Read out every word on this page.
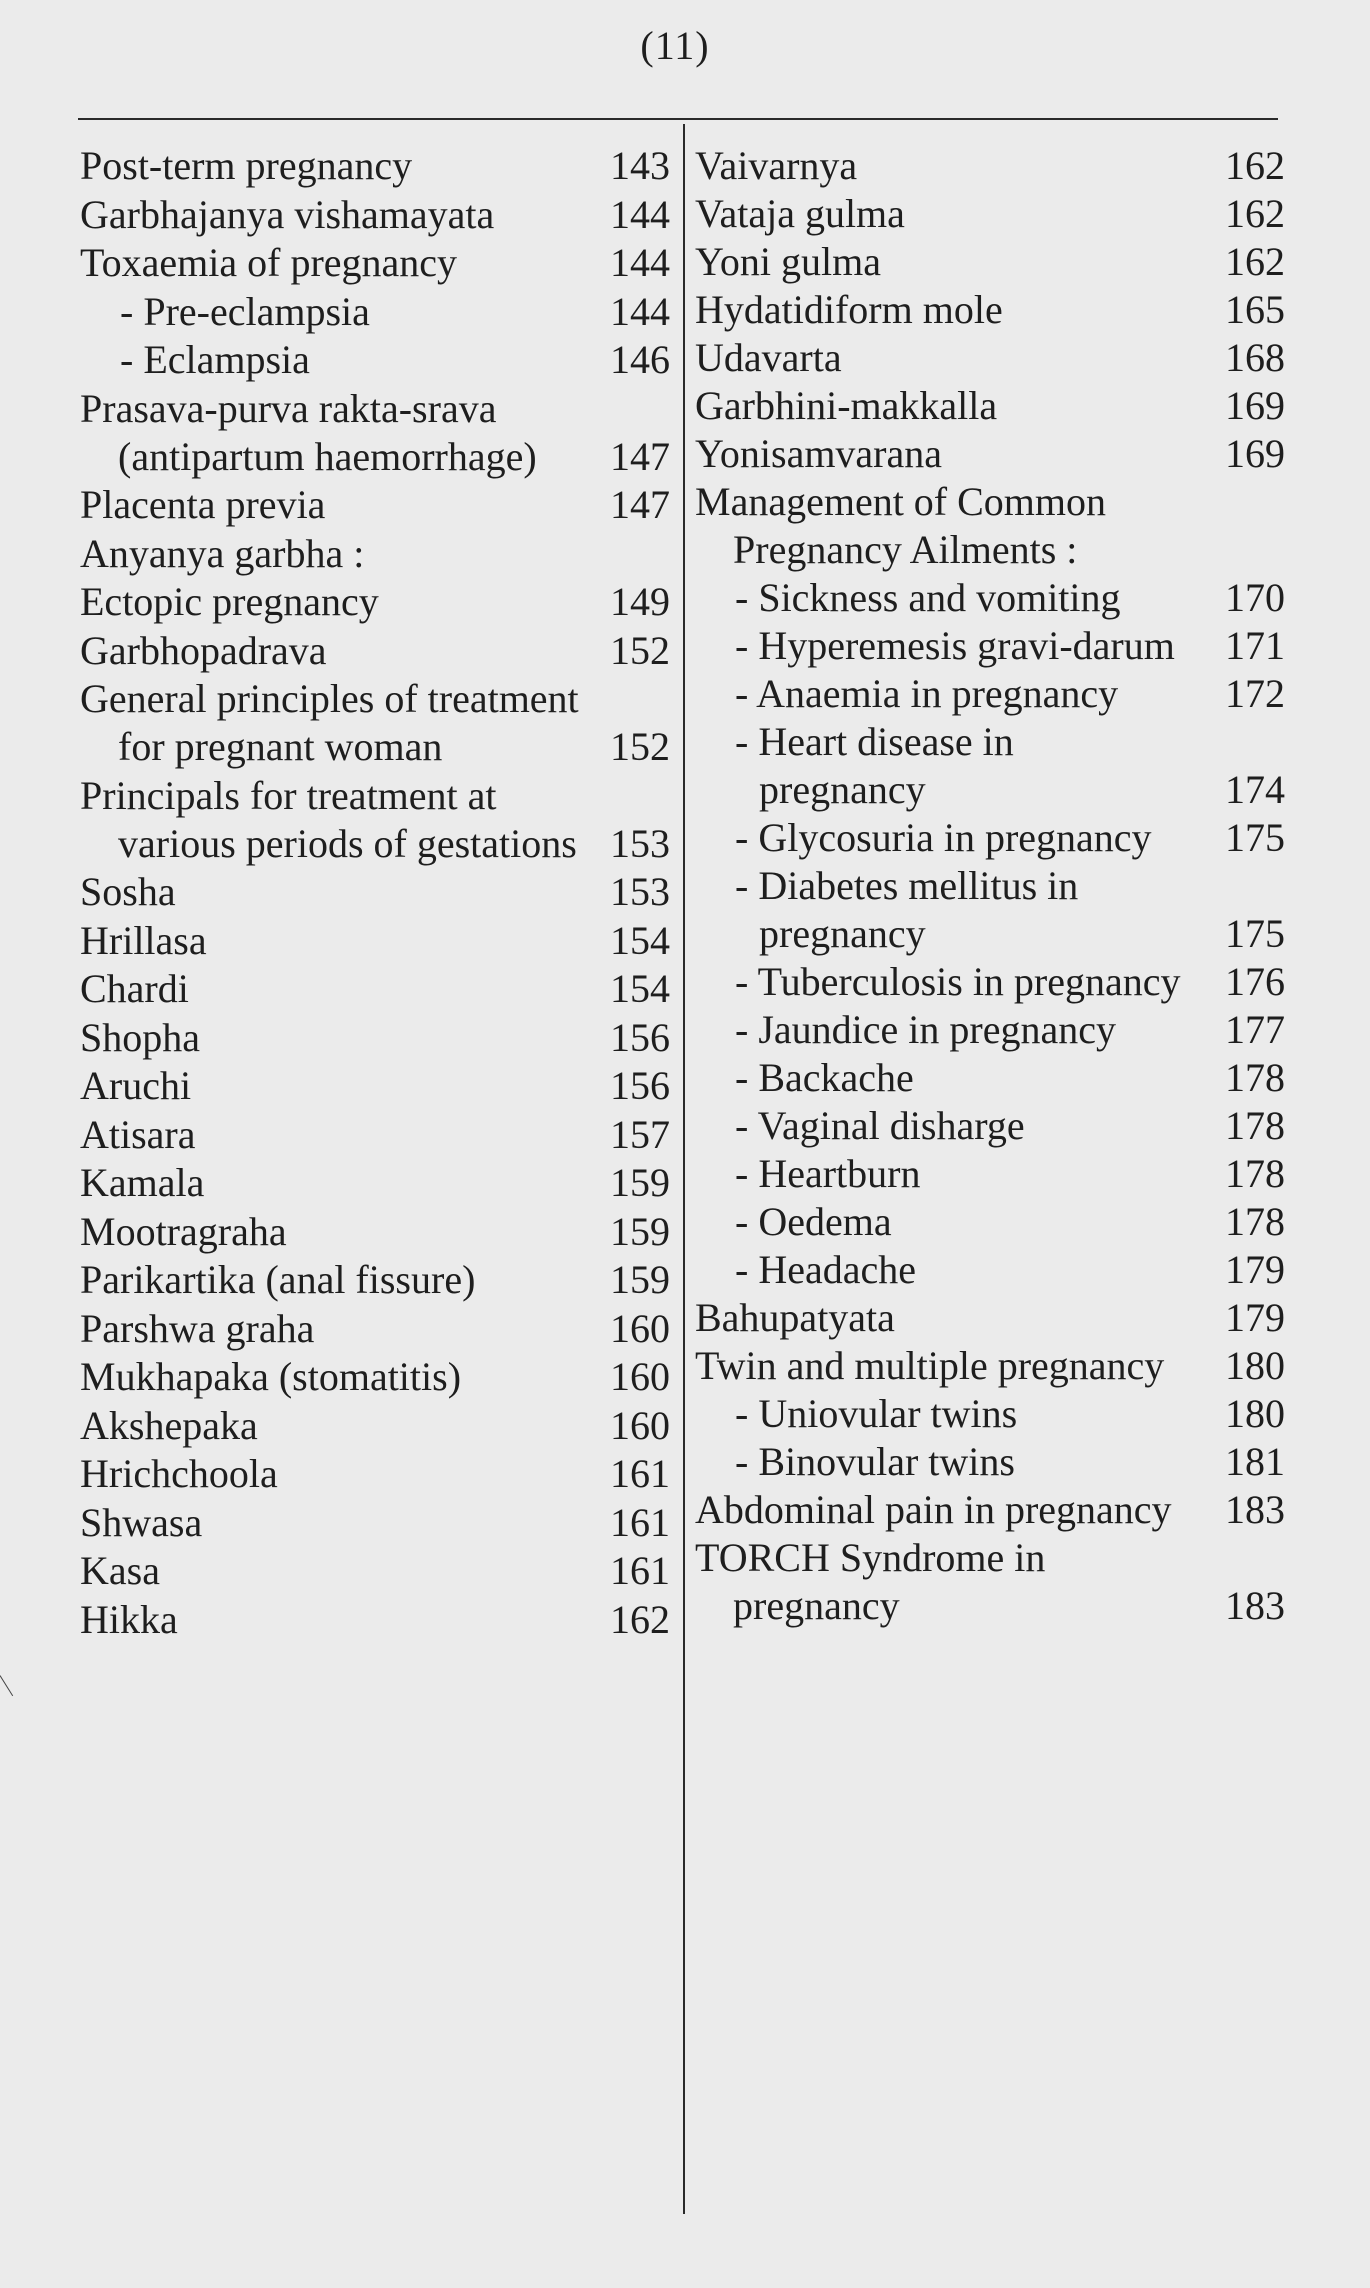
(11)
Post-term pregnancy	143
Garbhajanya vishamayata	144
Toxaemia of pregnancy	144
- Pre-eclampsia	144
- Eclampsia	146
Prasava-purva rakta-srava (antipartum haemorrhage)	147
Placenta previa	147
Anyanya garbha :
Ectopic pregnancy	149
Garbhopadrava	152
General principles of treatment for pregnant woman	152
Principals for treatment at various periods of gestations 153
Sosha	153
Hrillasa	154
Chardi	154
Shopha	156
Aruchi	156
Atisara	157
Kamala	159
Mootragraha	159
Parikartika (anal fissure)	159
Parshwa graha	160
Mukhapaka (stomatitis)	160
Akshepaka	160
Hrichchoola	161
Shwasa	161
Kasa	161
Hikka	162
Vaivarnya	162
Vataja gulma	162
Yoni gulma	162
Hydatidiform mole	165
Udavarta	168
Garbhini-makkalla	169
Yonisamvarana	169
Management of Common Pregnancy Ailments :
- Sickness and vomiting	170
- Hyperemesis gravi-darum	171
- Anaemia in pregnancy	172
- Heart disease in pregnancy	174
- Glycosuria in pregnancy	175
- Diabetes mellitus in pregnancy	175
- Tuberculosis in pregnancy	176
- Jaundice in pregnancy	177
- Backache	178
- Vaginal disharge	178
- Heartburn	178
- Oedema	178
- Headache	179
Bahupatyata	179
Twin and multiple pregnancy	180
- Uniovular twins	180
- Binovular twins	181
Abdominal pain in pregnancy	183
TORCH Syndrome in pregnancy	183
